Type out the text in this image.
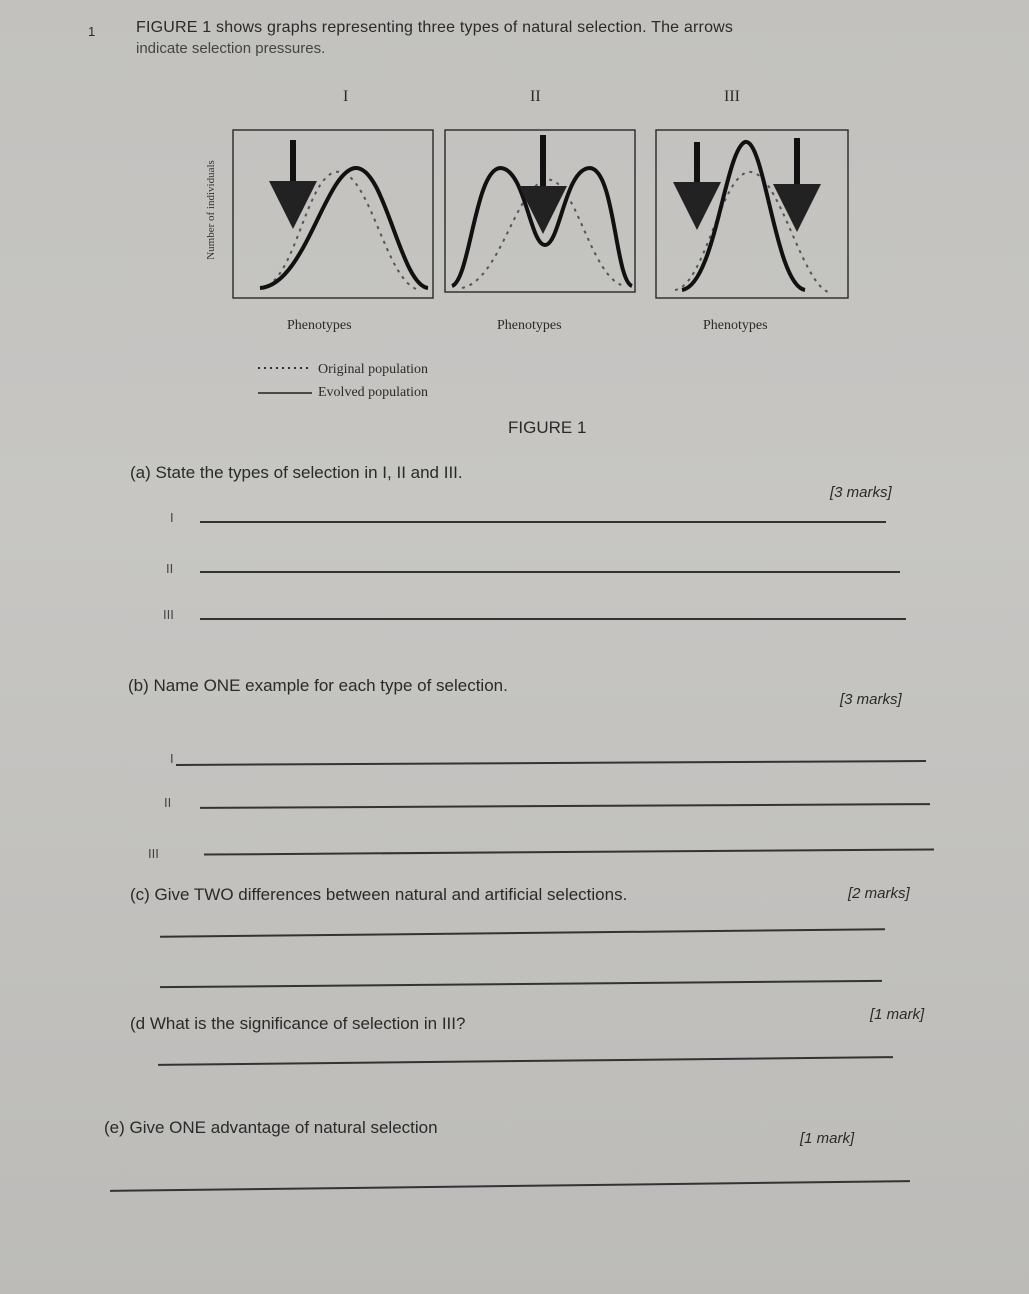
1	FIGURE 1 shows graphs representing three types of natural selection. The arrows
indicate selection pressures.
I	II	III
Number of individuals
Phenotypes	Phenotypes	Phenotypes
Original population
Evolved population
FIGURE 1
(a) State the types of selection in I, II and III.
[3 marks]
I
II
III
(b) Name ONE example for each type of selection.
[3 marks]
I
II
III
(c) Give TWO differences between natural and artificial selections.	[2 marks]
(d What is the significance of selection in III?	[1 mark]
(e) Give ONE advantage of natural selection
[1 mark]
